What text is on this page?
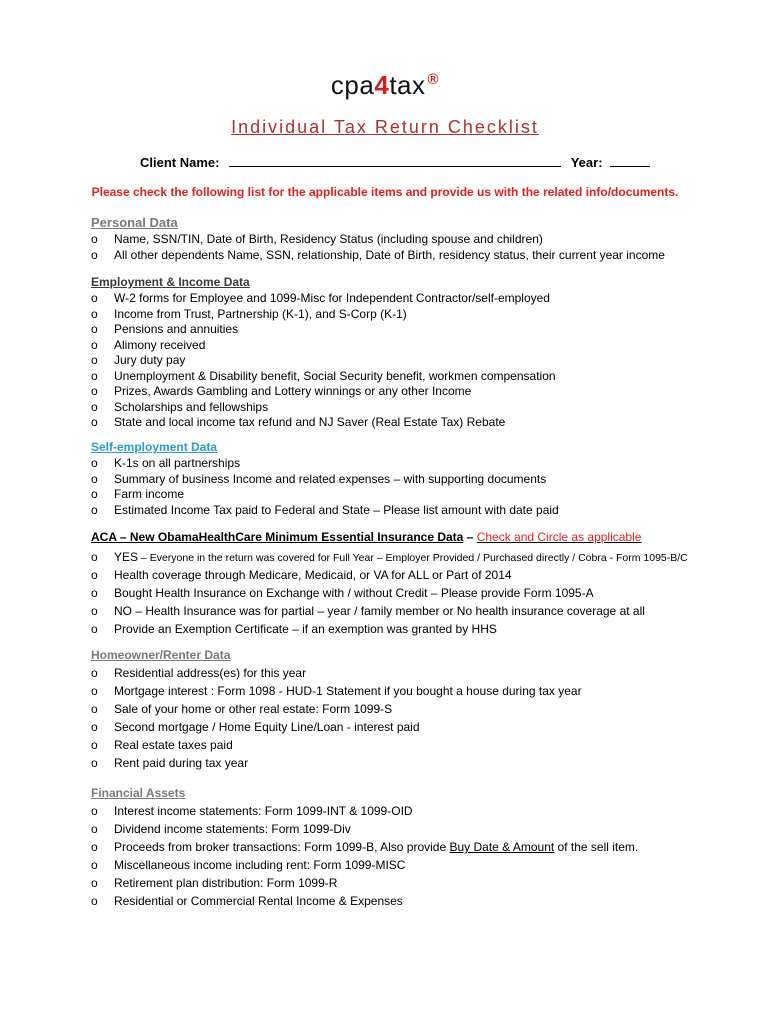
cpa4tax ®
Individual Tax Return Checklist
Client Name:	Year:
Please check the following list for the applicable items and provide us with the related info/documents.
Personal Data
o Name, SSN/TIN, Date of Birth, Residency Status (including spouse and children)
o All other dependents Name, SSN, relationship, Date of Birth, residency status, their current year income
Employment & Income Data
o W-2 forms for Employee and 1099-Misc for Independent Contractor/self-employed
o Income from Trust, Partnership (K-1), and S-Corp (K-1)
o Pensions and annuities
o Alimony received
o Jury duty pay
o Unemployment & Disability benefit, Social Security benefit, workmen compensation
o Prizes, Awards Gambling and Lottery winnings or any other Income
o Scholarships and fellowships
o State and local income tax refund and NJ Saver (Real Estate Tax) Rebate
Self-employment Data
o K-1s on all partnerships
o Summary of business Income and related expenses – with supporting documents
o Farm income
o Estimated Income Tax paid to Federal and State – Please list amount with date paid
ACA – New ObamaHealthCare Minimum Essential Insurance Data – Check and Circle as applicable
o YES – Everyone in the return was covered for Full Year – Employer Provided / Purchased directly / Cobra - Form 1095-B/C
o Health coverage through Medicare, Medicaid, or VA for ALL or Part of 2014
o Bought Health Insurance on Exchange with / without Credit – Please provide Form 1095-A
o NO – Health Insurance was for partial – year / family member or No health insurance coverage at all
o Provide an Exemption Certificate – if an exemption was granted by HHS
Homeowner/Renter Data
o Residential address(es) for this year
o Mortgage interest : Form 1098 - HUD-1 Statement if you bought a house during tax year
o Sale of your home or other real estate: Form 1099-S
o Second mortgage / Home Equity Line/Loan - interest paid
o Real estate taxes paid
o Rent paid during tax year
Financial Assets
o Interest income statements: Form 1099-INT & 1099-OID
o Dividend income statements: Form 1099-Div
o Proceeds from broker transactions: Form 1099-B, Also provide Buy Date & Amount of the sell item.
o Miscellaneous income including rent: Form 1099-MISC
o Retirement plan distribution: Form 1099-R
o Residential or Commercial Rental Income & Expenses
